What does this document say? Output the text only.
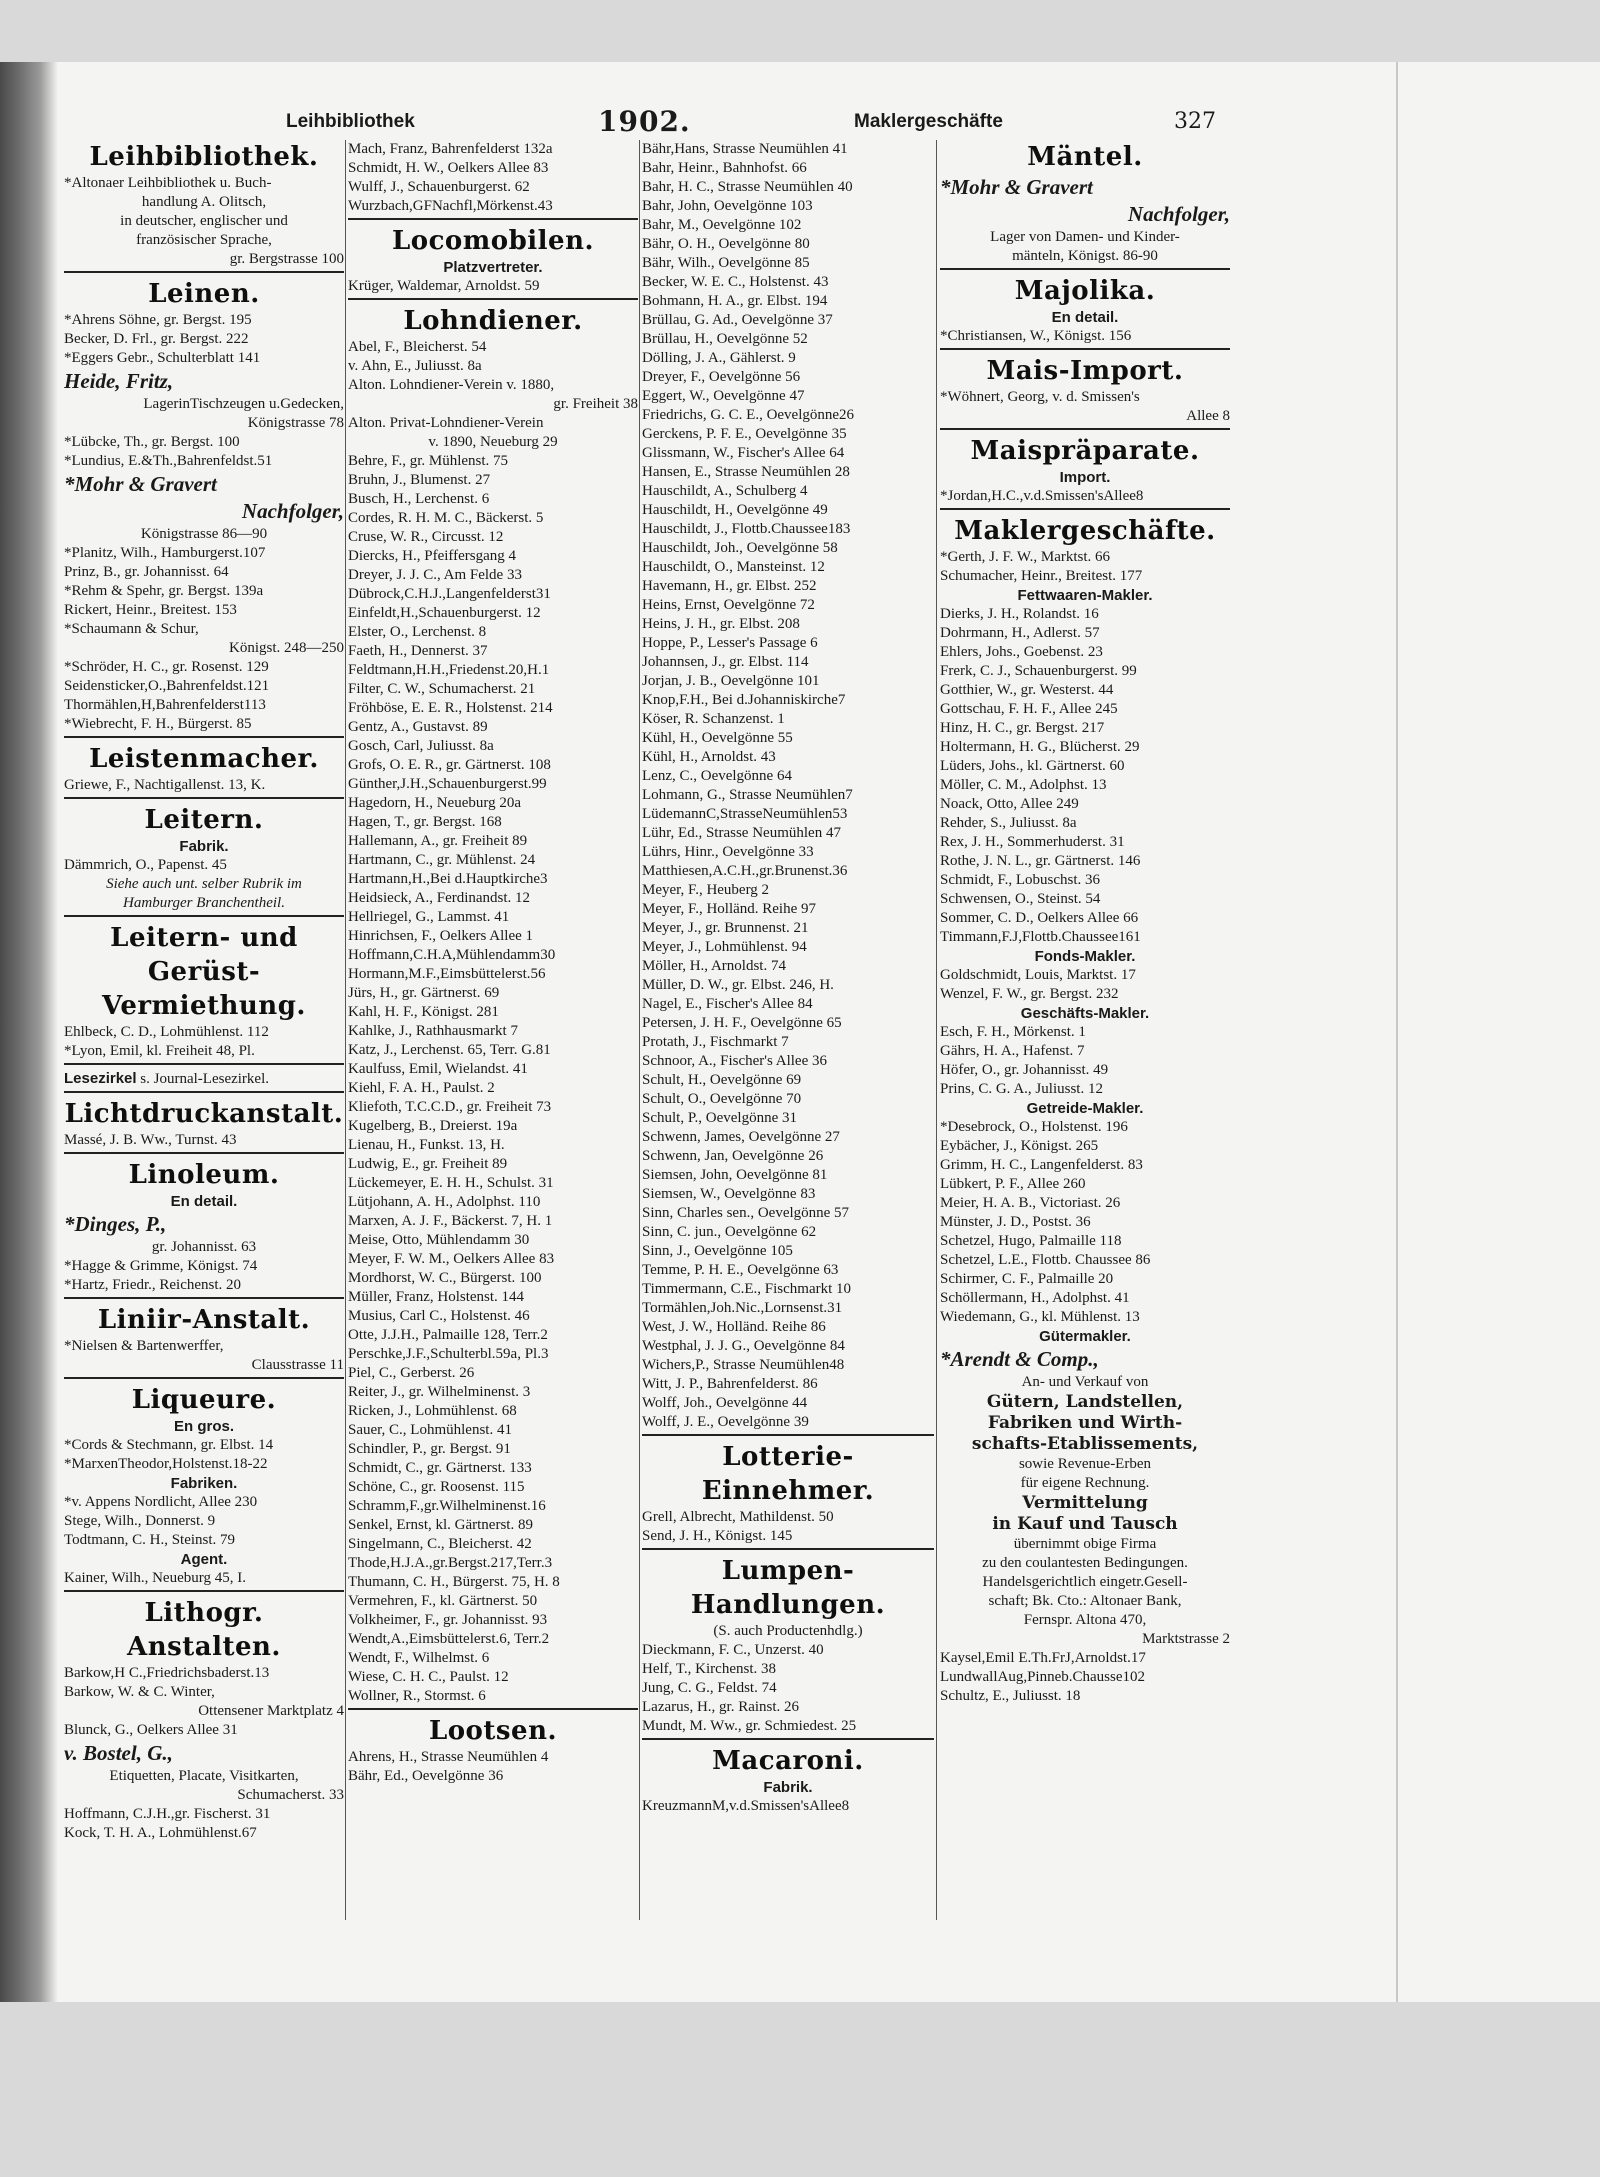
Leihbibliothek	1902.	Maklergeschäfte	327
Leihbibliothek.
*Altonaer Leihbibliothek u. Buch-
handlung A. Olitsch,
in deutscher, englischer und
französischer Sprache,
gr. Bergstrasse 100
Leinen.
*Ahrens Söhne, gr. Bergst. 195
Becker, D. Frl., gr. Bergst. 222
*Eggers Gebr., Schulterblatt 141
Heide, Fritz,
LagerinTischzeugen u.Gedecken,
Königstrasse 78
*Lübcke, Th., gr. Bergst. 100
*Lundius, E.&Th.,Bahrenfeldst.51
*Mohr & Gravert
Nachfolger,
Königstrasse 86—90
*Planitz, Wilh., Hamburgerst.107
Prinz, B., gr. Johannisst. 64
*Rehm & Spehr, gr. Bergst. 139a
Rickert, Heinr., Breitest. 153
*Schaumann & Schur,
Königst. 248—250
*Schröder, H. C., gr. Rosenst. 129
Seidensticker,O.,Bahrenfeldst.121
Thormählen,H,Bahrenfelderst113
*Wiebrecht, F. H., Bürgerst. 85
Leistenmacher.
Griewe, F., Nachtigallenst. 13, K.
Leitern.
Fabrik.
Dämmrich, O., Papenst. 45
Siehe auch unt. selber Rubrik im
Hamburger Branchentheil.
Leitern- und
Gerüst-Vermiethung.
Ehlbeck, C. D., Lohmühlenst. 112
*Lyon, Emil, kl. Freiheit 48, Pl.
Lesezirkel s. Journal-Lesezirkel.
Lichtdruckanstalt.
Massé, J. B. Ww., Turnst. 43
Linoleum.
En detail.
*Dinges, P.,
gr. Johannisst. 63
*Hagge & Grimme, Königst. 74
*Hartz, Friedr., Reichenst. 20
Liniir-Anstalt.
*Nielsen & Bartenwerffer,
Clausstrasse 11
Liqueure.
En gros.
*Cords & Stechmann, gr. Elbst. 14
*MarxenTheodor,Holstenst.18-22
Fabriken.
*v. Appens Nordlicht, Allee 230
Stege, Wilh., Donnerst. 9
Todtmann, C. H., Steinst. 79
Agent.
Kainer, Wilh., Neueburg 45, I.
Lithogr. Anstalten.
Barkow,H C.,Friedrichsbaderst.13
Barkow, W. & C. Winter,
Ottensener Marktplatz 4
Blunck, G., Oelkers Allee 31
v. Bostel, G.,
Etiquetten, Placate, Visitkarten,
Schumacherst. 33
Hoffmann, C.J.H.,gr. Fischerst. 31
Kock, T. H. A., Lohmühlenst.67
Mach, Franz, Bahrenfelderst 132a
Schmidt, H. W., Oelkers Allee 83
Wulff, J., Schauenburgerst. 62
Wurzbach,GFNachfl,Mörkenst.43
Locomobilen.
Platzvertreter.
Krüger, Waldemar, Arnoldst. 59
Lohndiener.
Abel, F., Bleicherst. 54
v. Ahn, E., Juliusst. 8a
Alton. Lohndiener-Verein v. 1880,
gr. Freiheit 38
Alton. Privat-Lohndiener-Verein
v. 1890, Neueburg 29
Behre, F., gr. Mühlenst. 75
Bruhn, J., Blumenst. 27
Busch, H., Lerchenst. 6
Cordes, R. H. M. C., Bäckerst. 5
Cruse, W. R., Circusst. 12
Diercks, H., Pfeiffersgang 4
Dreyer, J. J. C., Am Felde 33
Dübrock,C.H.J.,Langenfelderst31
Einfeldt,H.,Schauenburgerst. 12
Elster, O., Lerchenst. 8
Faeth, H., Dennerst. 37
Feldtmann,H.H.,Friedenst.20,H.1
Filter, C. W., Schumacherst. 21
Fröhböse, E. E. R., Holstenst. 214
Gentz, A., Gustavst. 89
Gosch, Carl, Juliusst. 8a
Grofs, O. E. R., gr. Gärtnerst. 108
Günther,J.H.,Schauenburgerst.99
Hagedorn, H., Neueburg 20a
Hagen, T., gr. Bergst. 168
Hallemann, A., gr. Freiheit 89
Hartmann, C., gr. Mühlenst. 24
Hartmann,H.,Bei d.Hauptkirche3
Heidsieck, A., Ferdinandst. 12
Hellriegel, G., Lammst. 41
Hinrichsen, F., Oelkers Allee 1
Hoffmann,C.H.A,Mühlendamm30
Hormann,M.F.,Eimsbüttelerst.56
Jürs, H., gr. Gärtnerst. 69
Kahl, H. F., Königst. 281
Kahlke, J., Rathhausmarkt 7
Katz, J., Lerchenst. 65, Terr. G.81
Kaulfuss, Emil, Wielandst. 41
Kiehl, F. A. H., Paulst. 2
Kliefoth, T.C.C.D., gr. Freiheit 73
Kugelberg, B., Dreierst. 19a
Lienau, H., Funkst. 13, H.
Ludwig, E., gr. Freiheit 89
Lückemeyer, E. H. H., Schulst. 31
Lütjohann, A. H., Adolphst. 110
Marxen, A. J. F., Bäckerst. 7, H. 1
Meise, Otto, Mühlendamm 30
Meyer, F. W. M., Oelkers Allee 83
Mordhorst, W. C., Bürgerst. 100
Müller, Franz, Holstenst. 144
Musius, Carl C., Holstenst. 46
Otte, J.J.H., Palmaille 128, Terr.2
Perschke,J.F.,Schulterbl.59a, Pl.3
Piel, C., Gerberst. 26
Reiter, J., gr. Wilhelminenst. 3
Ricken, J., Lohmühlenst. 68
Sauer, C., Lohmühlenst. 41
Schindler, P., gr. Bergst. 91
Schmidt, C., gr. Gärtnerst. 133
Schöne, C., gr. Roosenst. 115
Schramm,F.,gr.Wilhelminenst.16
Senkel, Ernst, kl. Gärtnerst. 89
Singelmann, C., Bleicherst. 42
Thode,H.J.A.,gr.Bergst.217,Terr.3
Thumann, C. H., Bürgerst. 75, H. 8
Vermehren, F., kl. Gärtnerst. 50
Volkheimer, F., gr. Johannisst. 93
Wendt,A.,Eimsbüttelerst.6, Terr.2
Wendt, F., Wilhelmst. 6
Wiese, C. H. C., Paulst. 12
Wollner, R., Stormst. 6
Lootsen.
Ahrens, H., Strasse Neumühlen 4
Bähr, Ed., Oevelgönne 36
Bähr,Hans, Strasse Neumühlen 41
Bahr, Heinr., Bahnhofst. 66
Bahr, H. C., Strasse Neumühlen 40
Bahr, John, Oevelgönne 103
Bahr, M., Oevelgönne 102
Bähr, O. H., Oevelgönne 80
Bähr, Wilh., Oevelgönne 85
Becker, W. E. C., Holstenst. 43
Bohmann, H. A., gr. Elbst. 194
Brüllau, G. Ad., Oevelgönne 37
Brüllau, H., Oevelgönne 52
Dölling, J. A., Gählerst. 9
Dreyer, F., Oevelgönne 56
Eggert, W., Oevelgönne 47
Friedrichs, G. C. E., Oevelgönne26
Gerckens, P. F. E., Oevelgönne 35
Glissmann, W., Fischer's Allee 64
Hansen, E., Strasse Neumühlen 28
Hauschildt, A., Schulberg 4
Hauschildt, H., Oevelgönne 49
Hauschildt, J., Flottb.Chaussee183
Hauschildt, Joh., Oevelgönne 58
Hauschildt, O., Mansteinst. 12
Havemann, H., gr. Elbst. 252
Heins, Ernst, Oevelgönne 72
Heins, J. H., gr. Elbst. 208
Hoppe, P., Lesser's Passage 6
Johannsen, J., gr. Elbst. 114
Jorjan, J. B., Oevelgönne 101
Knop,F.H., Bei d.Johanniskirche7
Köser, R. Schanzenst. 1
Kühl, H., Oevelgönne 55
Kühl, H., Arnoldst. 43
Lenz, C., Oevelgönne 64
Lohmann, G., Strasse Neumühlen7
LüdemannC,StrasseNeumühlen53
Lühr, Ed., Strasse Neumühlen 47
Lührs, Hinr., Oevelgönne 33
Matthiesen,A.C.H.,gr.Brunenst.36
Meyer, F., Heuberg 2
Meyer, F., Holländ. Reihe 97
Meyer, J., gr. Brunnenst. 21
Meyer, J., Lohmühlenst. 94
Möller, H., Arnoldst. 74
Müller, D. W., gr. Elbst. 246, H.
Nagel, E., Fischer's Allee 84
Petersen, J. H. F., Oevelgönne 65
Protath, J., Fischmarkt 7
Schnoor, A., Fischer's Allee 36
Schult, H., Oevelgönne 69
Schult, O., Oevelgönne 70
Schult, P., Oevelgönne 31
Schwenn, James, Oevelgönne 27
Schwenn, Jan, Oevelgönne 26
Siemsen, John, Oevelgönne 81
Siemsen, W., Oevelgönne 83
Sinn, Charles sen., Oevelgönne 57
Sinn, C. jun., Oevelgönne 62
Sinn, J., Oevelgönne 105
Temme, P. H. E., Oevelgönne 63
Timmermann, C.E., Fischmarkt 10
Tormählen,Joh.Nic.,Lornsenst.31
West, J. W., Holländ. Reihe 86
Westphal, J. J. G., Oevelgönne 84
Wichers,P., Strasse Neumühlen48
Witt, J. P., Bahrenfelderst. 86
Wolff, Joh., Oevelgönne 44
Wolff, J. E., Oevelgönne 39
Lotterie-Einnehmer.
Grell, Albrecht, Mathildenst. 50
Send, J. H., Königst. 145
Lumpen-Handlungen.
(S. auch Productenhdlg.)
Dieckmann, F. C., Unzerst. 40
Helf, T., Kirchenst. 38
Jung, C. G., Feldst. 74
Lazarus, H., gr. Rainst. 26
Mundt, M. Ww., gr. Schmiedest. 25
Macaroni.
Fabrik.
KreuzmannM,v.d.Smissen'sAllee8
Mäntel.
*Mohr & Gravert
Nachfolger,
Lager von Damen- und Kinder-
mänteln, Königst. 86-90
Majolika.
En detail.
*Christiansen, W., Königst. 156
Mais-Import.
*Wöhnert, Georg, v. d. Smissen's
Allee 8
Maispräparate.
Import.
*Jordan,H.C.,v.d.Smissen'sAllee8
Maklergeschäfte.
*Gerth, J. F. W., Marktst. 66
Schumacher, Heinr., Breitest. 177
Fettwaaren-Makler.
Dierks, J. H., Rolandst. 16
Dohrmann, H., Adlerst. 57
Ehlers, Johs., Goebenst. 23
Frerk, C. J., Schauenburgerst. 99
Gotthier, W., gr. Westerst. 44
Gottschau, F. H. F., Allee 245
Hinz, H. C., gr. Bergst. 217
Holtermann, H. G., Blücherst. 29
Lüders, Johs., kl. Gärtnerst. 60
Möller, C. M., Adolphst. 13
Noack, Otto, Allee 249
Rehder, S., Juliusst. 8a
Rex, J. H., Sommerhuderst. 31
Rothe, J. N. L., gr. Gärtnerst. 146
Schmidt, F., Lobuschst. 36
Schwensen, O., Steinst. 54
Sommer, C. D., Oelkers Allee 66
Timmann,F.J,Flottb.Chaussee161
Fonds-Makler.
Goldschmidt, Louis, Marktst. 17
Wenzel, F. W., gr. Bergst. 232
Geschäfts-Makler.
Esch, F. H., Mörkenst. 1
Gährs, H. A., Hafenst. 7
Höfer, O., gr. Johannisst. 49
Prins, C. G. A., Juliusst. 12
Getreide-Makler.
*Desebrock, O., Holstenst. 196
Eybächer, J., Königst. 265
Grimm, H. C., Langenfelderst. 83
Lübkert, P. F., Allee 260
Meier, H. A. B., Victoriast. 26
Münster, J. D., Postst. 36
Schetzel, Hugo, Palmaille 118
Schetzel, L.E., Flottb. Chaussee 86
Schirmer, C. F., Palmaille 20
Schöllermann, H., Adolphst. 41
Wiedemann, G., kl. Mühlenst. 13
Gütermakler.
*Arendt & Comp.,
An- und Verkauf von
Gütern, Landstellen,
Fabriken und Wirth-
schafts-Etablissements,
sowie Revenue-Erben
für eigene Rechnung.
Vermittelung
in Kauf und Tausch
übernimmt obige Firma
zu den coulantesten Bedingungen.
Handelsgerichtlich eingetr.Gesell-
schaft; Bk. Cto.: Altonaer Bank,
Fernspr. Altona 470,
Marktstrasse 2
Kaysel,Emil E.Th.FrJ,Arnoldst.17
LundwallAug,Pinneb.Chausse102
Schultz, E., Juliusst. 18
